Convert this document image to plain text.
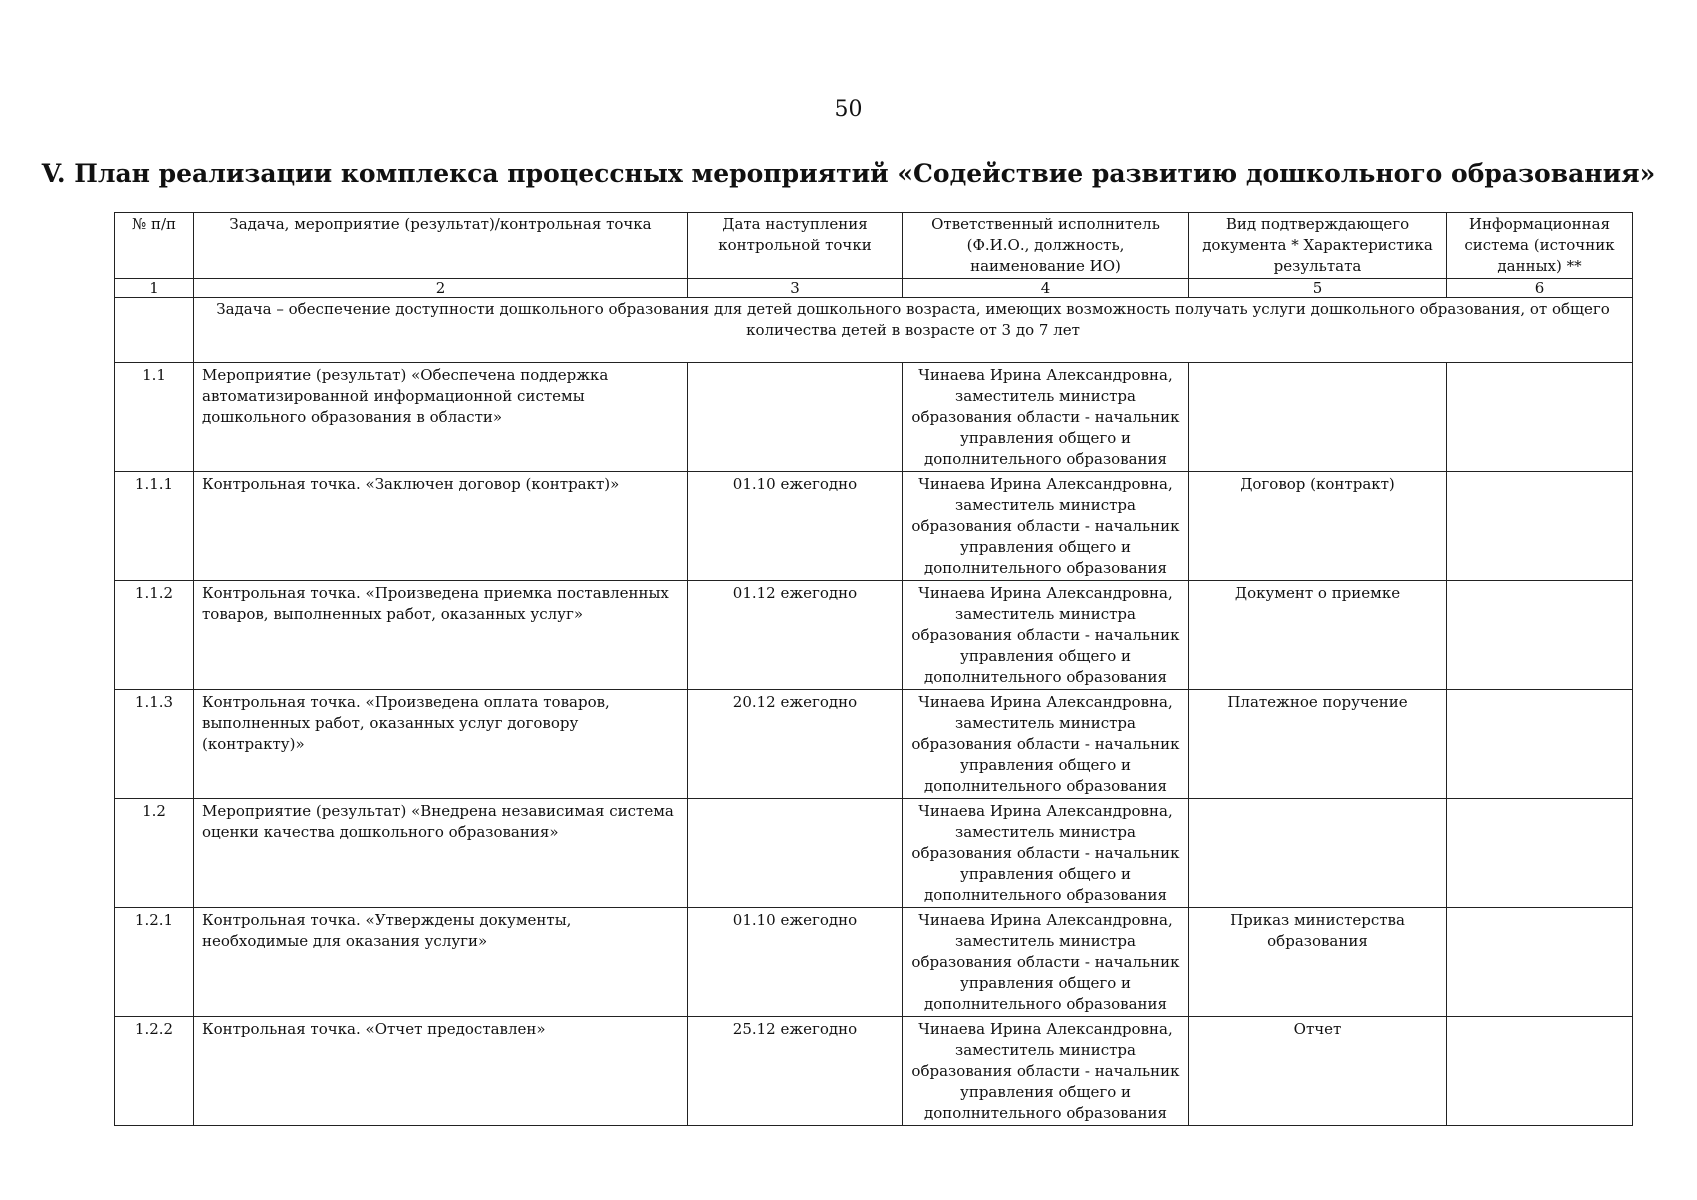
50
V. План реализации комплекса процессных мероприятий «Содействие развитию дошкольного образования»
№ п/п	Задача, мероприятие (результат)/контрольная точка	Дата наступления контрольной точки	Ответственный исполнитель (Ф.И.О., должность, наименование ИО)	Вид подтверждающего документа * Характеристика результата	Информационная система (источник данных) **
1	2	3	4	5	6
	Задача – обеспечение доступности дошкольного образования для детей дошкольного возраста, имеющих возможность получать услуги дошкольного образования, от общего количества детей в возрасте от 3 до 7 лет				
1.1	Мероприятие (результат) «Обеспечена поддержка автоматизированной информационной системы дошкольного образования в области»		Чинаева Ирина Александровна, заместитель министра образования области - начальник управления общего и дополнительного образования		
1.1.1	Контрольная точка. «Заключен договор (контракт)»	01.10 ежегодно	Чинаева Ирина Александровна, заместитель министра образования области - начальник управления общего и дополнительного образования	Договор (контракт)	
1.1.2	Контрольная точка. «Произведена приемка поставленных товаров, выполненных работ, оказанных услуг»	01.12 ежегодно	Чинаева Ирина Александровна, заместитель министра образования области - начальник управления общего и дополнительного образования	Документ о приемке	
1.1.3	Контрольная точка. «Произведена оплата товаров, выполненных работ, оказанных услуг договору (контракту)»	20.12 ежегодно	Чинаева Ирина Александровна, заместитель министра образования области - начальник управления общего и дополнительного образования	Платежное поручение	
1.2	Мероприятие (результат) «Внедрена независимая система оценки качества дошкольного образования»		Чинаева Ирина Александровна, заместитель министра образования области - начальник управления общего и дополнительного образования		
1.2.1	Контрольная точка. «Утверждены документы, необходимые для оказания услуги»	01.10 ежегодно	Чинаева Ирина Александровна, заместитель министра образования области - начальник управления общего и дополнительного образования	Приказ министерства образования	
1.2.2	Контрольная точка. «Отчет предоставлен»	25.12 ежегодно	Чинаева Ирина Александровна, заместитель министра образования области - начальник управления общего и дополнительного образования	Отчет	
